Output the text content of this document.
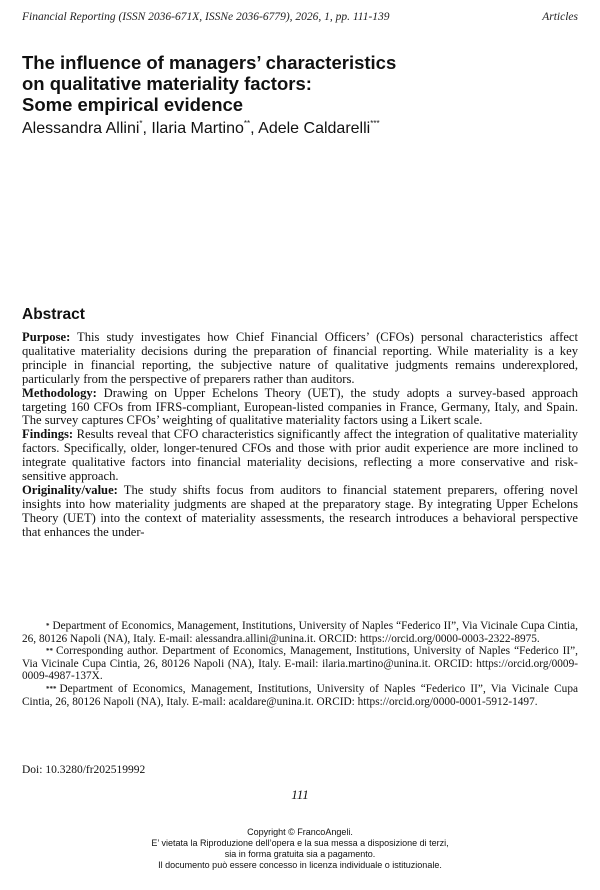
Financial Reporting (ISSN 2036-671X, ISSNe 2036-6779), 2026, 1, pp. 111-139	Articles
The influence of managers’ characteristics
on qualitative materiality factors:
Some empirical evidence
Alessandra Allini*, Ilaria Martino**, Adele Caldarelli***
Abstract

Purpose: This study investigates how Chief Financial Officers’ (CFOs) personal characteristics affect qualitative materiality decisions during the preparation of financial reporting. While materiality is a key principle in financial reporting, the subjective nature of qualitative judgments remains underexplored, particularly from the perspective of preparers rather than auditors.

Methodology: Drawing on Upper Echelons Theory (UET), the study adopts a survey-based approach targeting 160 CFOs from IFRS-compliant, European-listed companies in France, Germany, Italy, and Spain. The survey captures CFOs’ weighting of qualitative materiality factors using a Likert scale.

Findings: Results reveal that CFO characteristics significantly affect the integration of qualitative materiality factors. Specifically, older, longer-tenured CFOs and those with prior audit experience are more inclined to integrate qualitative factors into financial materiality decisions, reflecting a more conservative and risk-sensitive approach.

Originality/value: The study shifts focus from auditors to financial statement preparers, offering novel insights into how materiality judgments are shaped at the preparatory stage. By integrating Upper Echelons Theory (UET) into the context of materiality assessments, the research introduces a behavioral perspective that enhances the under-

* Department of Economics, Management, Institutions, University of Naples “Federico II”, Via Vicinale Cupa Cintia, 26, 80126 Napoli (NA), Italy. E-mail: alessandra.allini@unina.it. ORCID: https://orcid.org/0000-0003-2322-8975.

** Corresponding author. Department of Economics, Management, Institutions, University of Naples “Federico II”, Via Vicinale Cupa Cintia, 26, 80126 Napoli (NA), Italy. E-mail: ilaria.martino@unina.it. ORCID: https://orcid.org/0009-0009-4987-137X.

*** Department of Economics, Management, Institutions, University of Naples “Federico II”, Via Vicinale Cupa Cintia, 26, 80126 Napoli (NA), Italy. E-mail: acaldare@unina.it. ORCID: https://orcid.org/0000-0001-5912-1497.

Doi: 10.3280/fr202519992
111
Copyright © FrancoAngeli.
E’ vietata la Riproduzione dell’opera e la sua messa a disposizione di terzi,
sia in forma gratuita sia a pagamento.
Il documento può essere concesso in licenza individuale o istituzionale.
